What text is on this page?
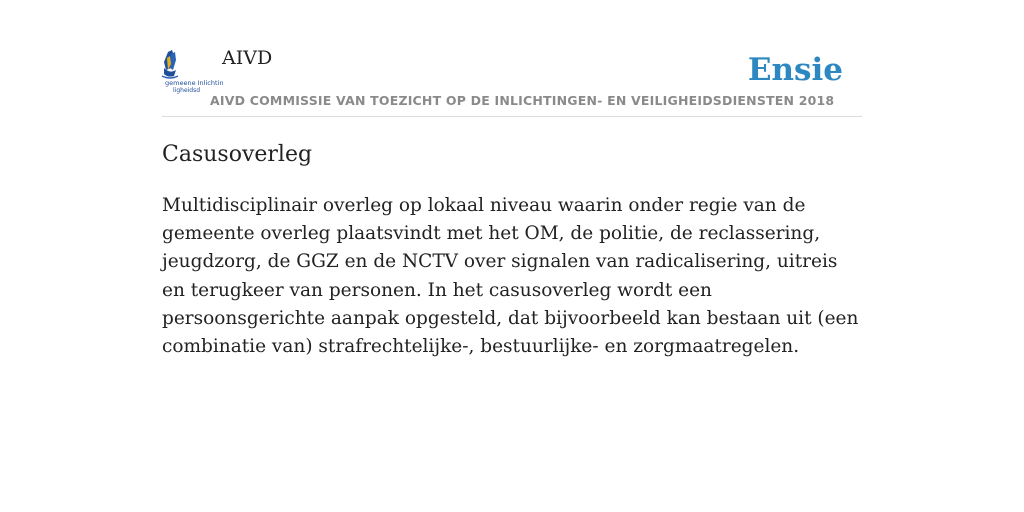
gemeene Inlichtin
ligheidsd
AIVD	Ensie
AIVD COMMISSIE VAN TOEZICHT OP DE INLICHTINGEN- EN VEILIGHEIDSDIENSTEN 2018
Casusoverleg

Multidisciplinair overleg op lokaal niveau waarin onder regie van de gemeente overleg plaatsvindt met het OM, de politie, de reclassering, jeugdzorg, de GGZ en de NCTV over signalen van radicalisering, uitreis en terugkeer van personen. In het casusoverleg wordt een persoonsgerichte aanpak opgesteld, dat bijvoorbeeld kan bestaan uit (een combinatie van) strafrechtelijke-, bestuurlijke- en zorgmaatregelen.
